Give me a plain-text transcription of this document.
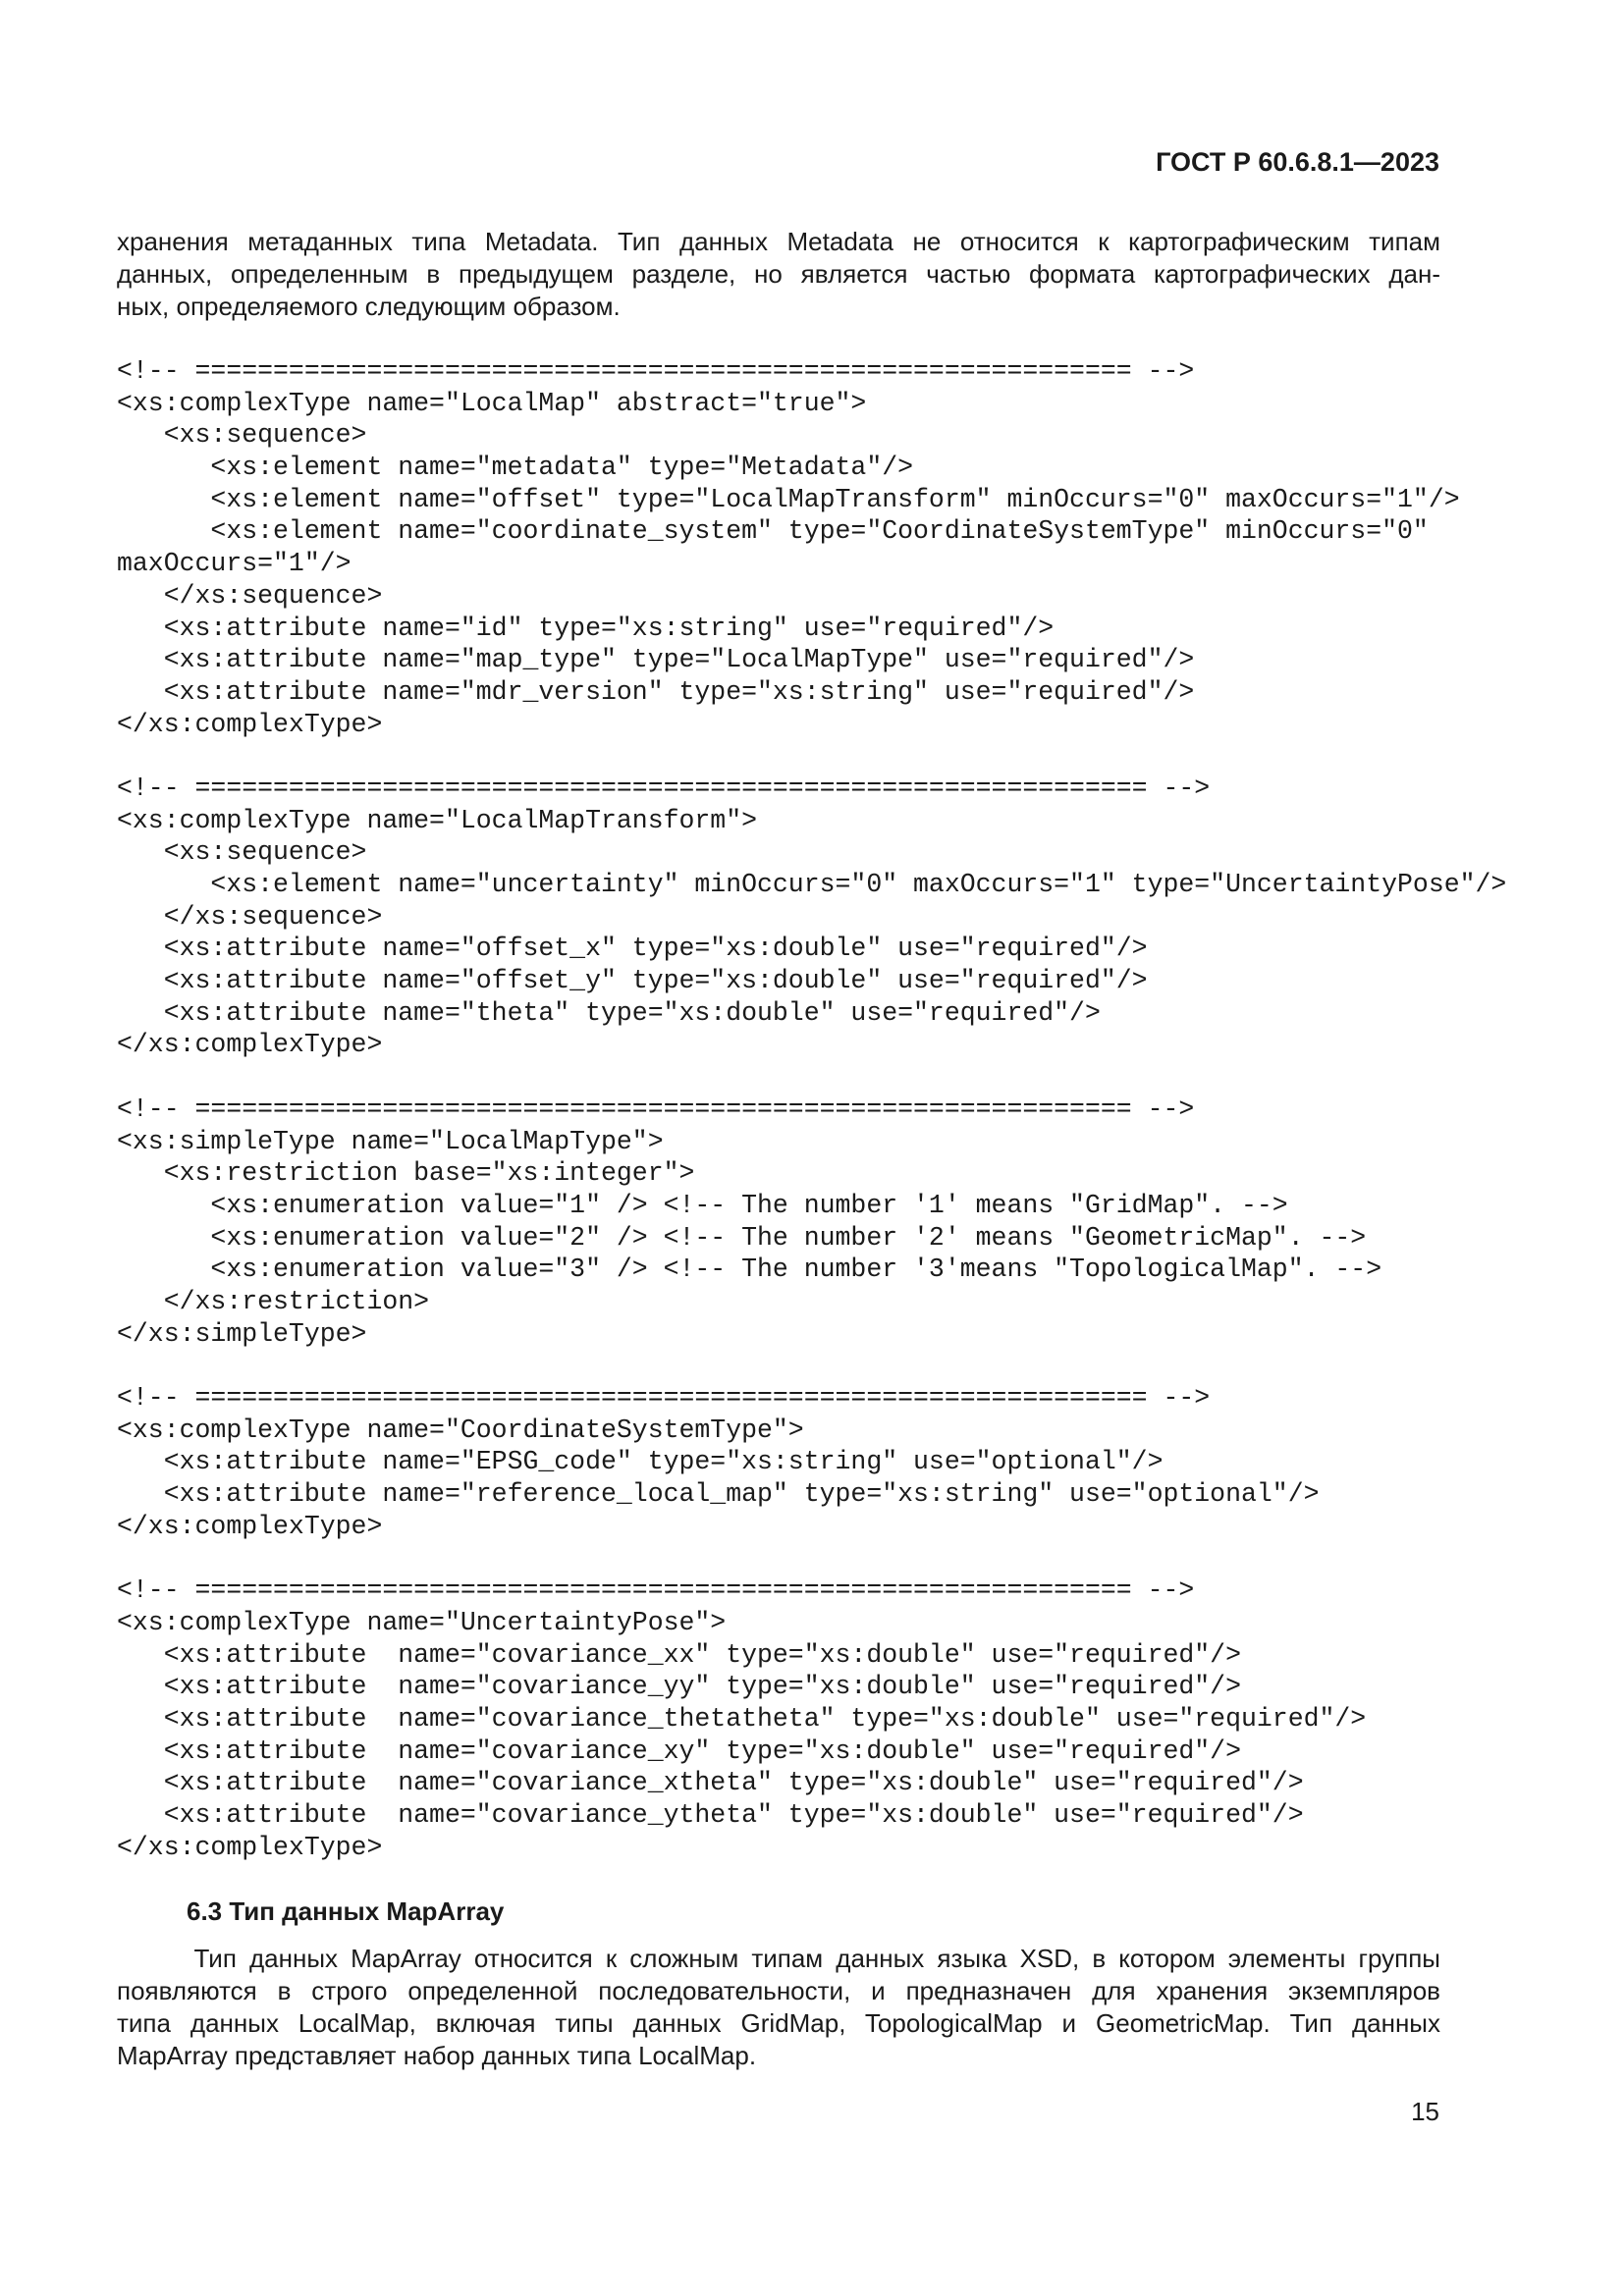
ГОСТ Р 60.6.8.1—2023
хранения метаданных типа Metadata. Тип данных Metadata не относится к картографическим типам
данных, определенным в предыдущем разделе, но является частью формата картографических дан-
ных, определяемого следующим образом.
<!-- ============================================================ -->
<xs:complexType name="LocalMap" abstract="true">
<xs:sequence>
<xs:element name="metadata" type="Metadata"/>
<xs:element name="offset" type="LocalMapTransform" minOccurs="0" maxOccurs="1"/>
<xs:element name="coordinate_system" type="CoordinateSystemType" minOccurs="0"
maxOccurs="1"/>
</xs:sequence>
<xs:attribute name="id" type="xs:string" use="required"/>
<xs:attribute name="map_type" type="LocalMapType" use="required"/>
<xs:attribute name="mdr_version" type="xs:string" use="required"/>
</xs:complexType>
<!-- ============================================================= -->
<xs:complexType name="LocalMapTransform">
<xs:sequence>
<xs:element name="uncertainty" minOccurs="0" maxOccurs="1" type="UncertaintyPose"/>
</xs:sequence>
<xs:attribute name="offset_x" type="xs:double" use="required"/>
<xs:attribute name="offset_y" type="xs:double" use="required"/>
<xs:attribute name="theta" type="xs:double" use="required"/>
</xs:complexType>
<!-- ============================================================ -->
<xs:simpleType name="LocalMapType">
<xs:restriction base="xs:integer">
<xs:enumeration value="1" /> <!-- The number '1' means "GridMap". -->
<xs:enumeration value="2" /> <!-- The number '2' means "GeometricMap". -->
<xs:enumeration value="3" /> <!-- The number '3'means "TopologicalMap". -->
</xs:restriction>
</xs:simpleType>
<!-- ============================================================= -->
<xs:complexType name="CoordinateSystemType">
<xs:attribute name="EPSG_code" type="xs:string" use="optional"/>
<xs:attribute name="reference_local_map" type="xs:string" use="optional"/>
</xs:complexType>
<!-- ============================================================ -->
<xs:complexType name="UncertaintyPose">
<xs:attribute  name="covariance_xx" type="xs:double" use="required"/>
<xs:attribute  name="covariance_yy" type="xs:double" use="required"/>
<xs:attribute  name="covariance_thetatheta" type="xs:double" use="required"/>
<xs:attribute  name="covariance_xy" type="xs:double" use="required"/>
<xs:attribute  name="covariance_xtheta" type="xs:double" use="required"/>
<xs:attribute  name="covariance_ytheta" type="xs:double" use="required"/>
</xs:complexType>
6.3 Тип данных MapArray
Тип данных MapArray относится к сложным типам данных языка XSD, в котором элементы группы
появляются в строго определенной последовательности, и предназначен для хранения экземпляров
типа данных LocalMap, включая типы данных GridMap, TopologicalMap и GeometricMap. Тип данных
MapArray представляет набор данных типа LocalMap.
15
